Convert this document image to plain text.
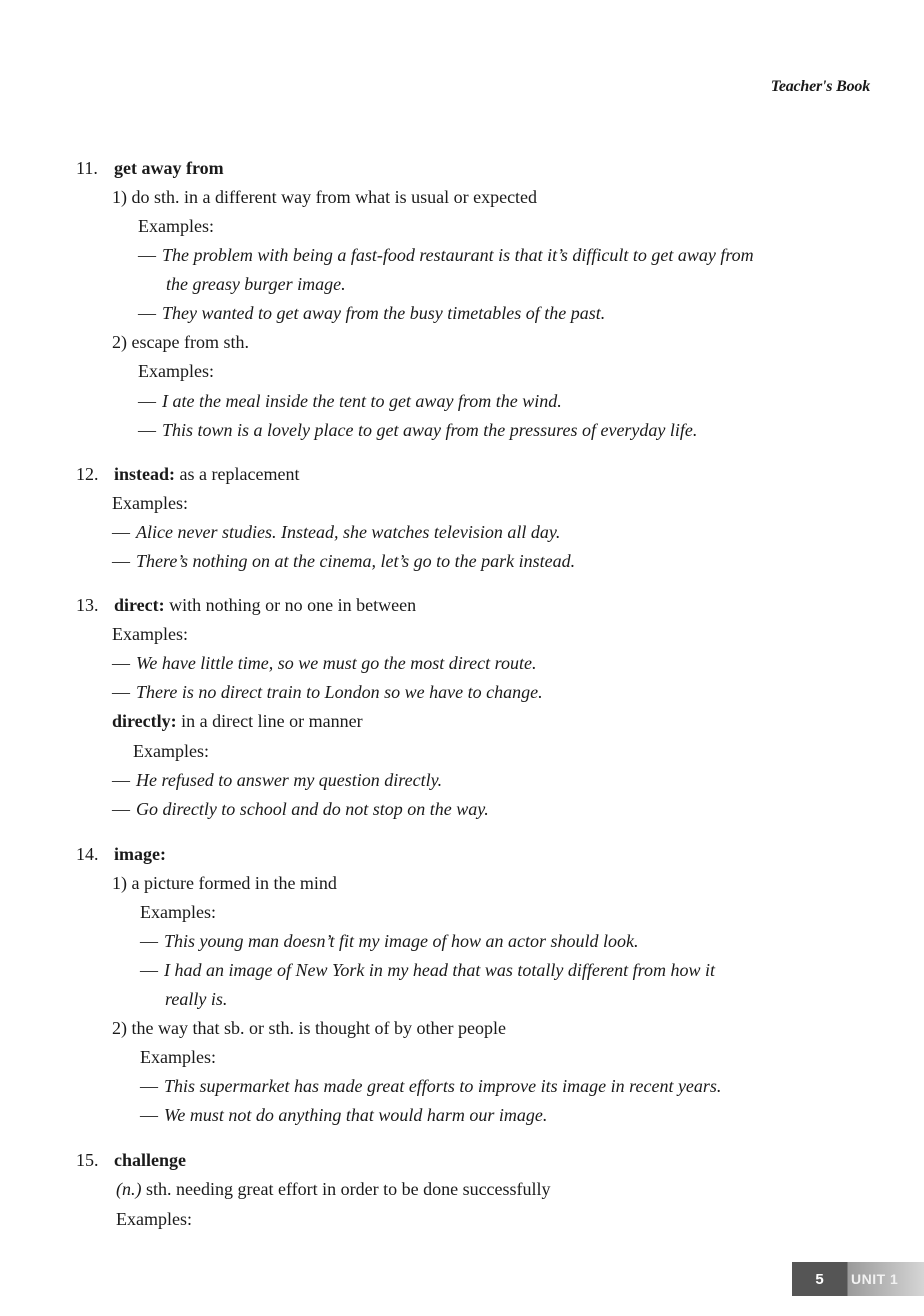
Teacher's Book
11. get away from
1) do sth. in a different way from what is usual or expected
Examples:
— The problem with being a fast-food restaurant is that it’s difficult to get away from
the greasy burger image.
— They wanted to get away from the busy timetables of the past.
2) escape from sth.
Examples:
— I ate the meal inside the tent to get away from the wind.
— This town is a lovely place to get away from the pressures of everyday life.
12. instead: as a replacement
Examples:
— Alice never studies. Instead, she watches television all day.
— There’s nothing on at the cinema, let’s go to the park instead.
13. direct: with nothing or no one in between
Examples:
— We have little time, so we must go the most direct route.
— There is no direct train to London so we have to change.
directly: in a direct line or manner
Examples:
— He refused to answer my question directly.
— Go directly to school and do not stop on the way.
14. image:
1) a picture formed in the mind
Examples:
— This young man doesn’t fit my image of how an actor should look.
— I had an image of New York in my head that was totally different from how it
really is.
2) the way that sb. or sth. is thought of by other people
Examples:
— This supermarket has made great efforts to improve its image in recent years.
— We must not do anything that would harm our image.
15. challenge
(n.) sth. needing great effort in order to be done successfully
Examples:
5	UNIT 1
